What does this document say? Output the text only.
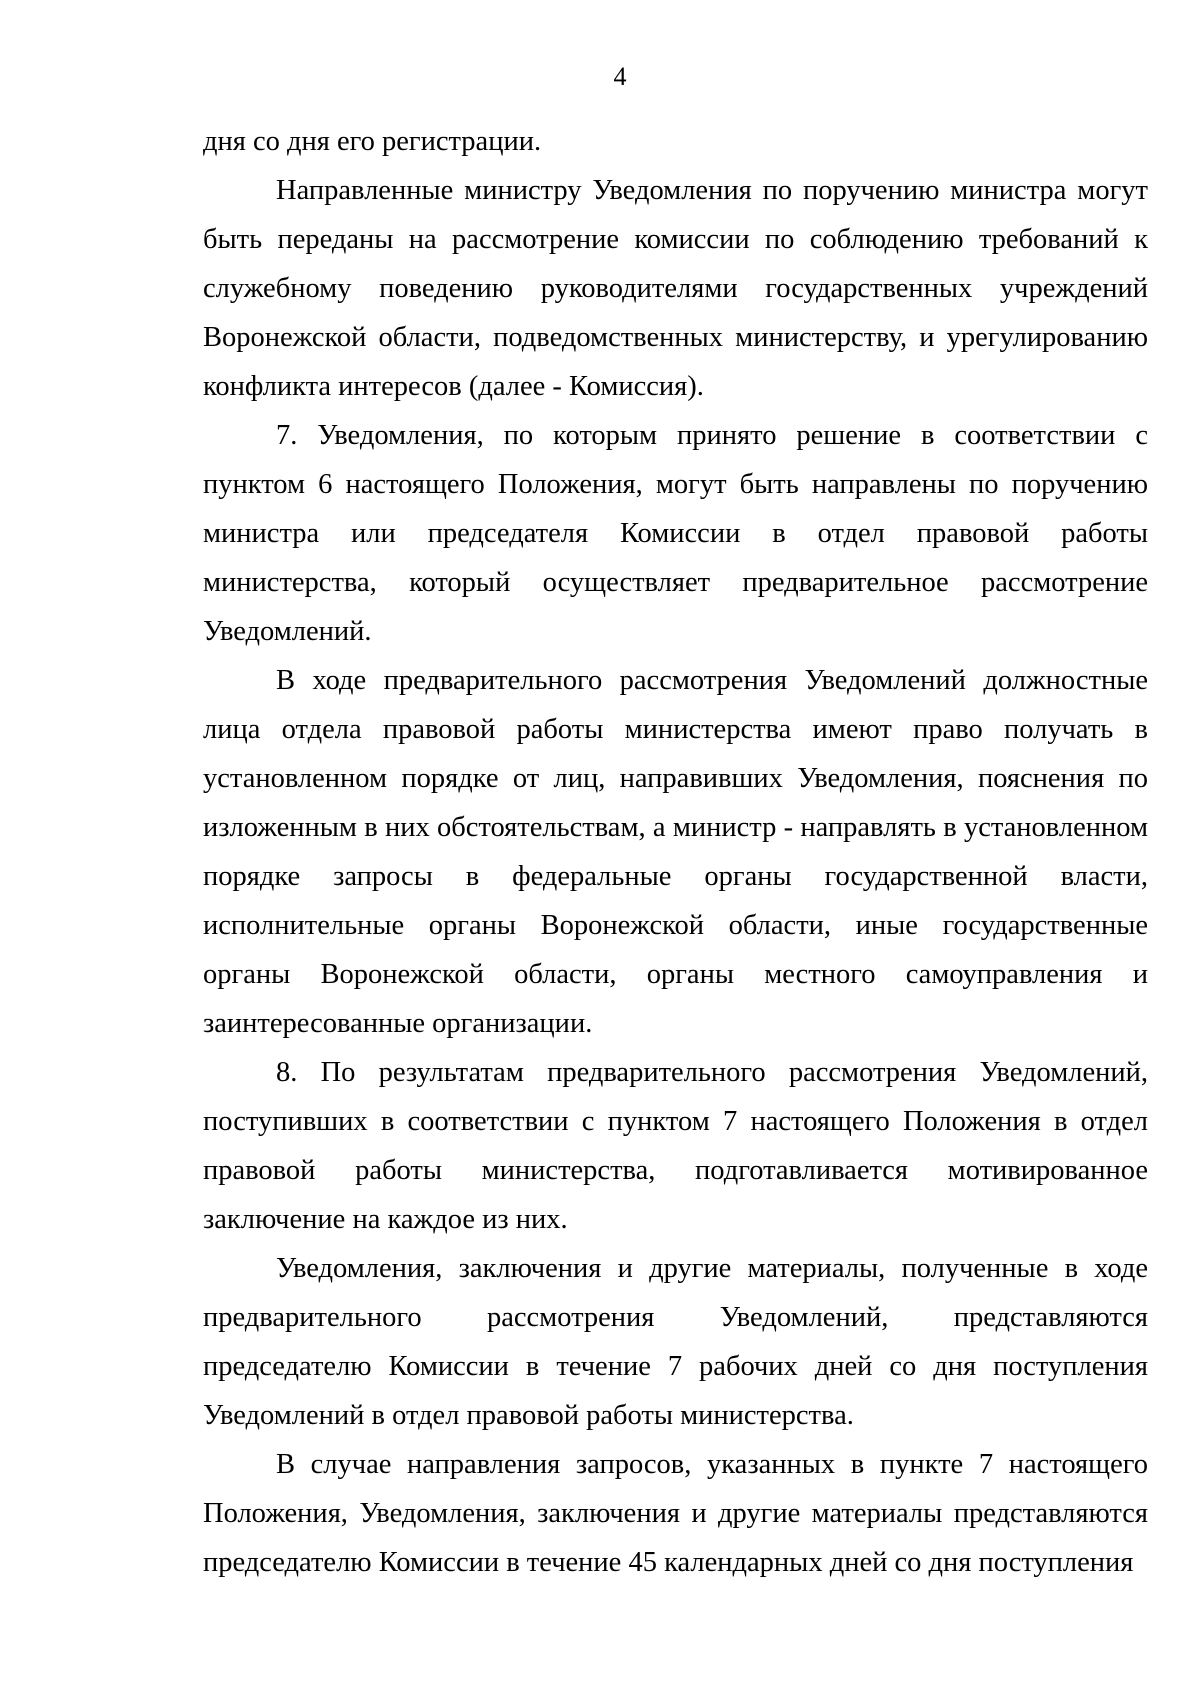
4

дня со дня его регистрации.

Направленные министру Уведомления по поручению министра могут быть переданы на рассмотрение комиссии по соблюдению требований к служебному поведению руководителями государственных учреждений Воронежской области, подведомственных министерству, и урегулированию конфликта интересов (далее - Комиссия).

7. Уведомления, по которым принято решение в соответствии с пунктом 6 настоящего Положения, могут быть направлены по поручению министра или председателя Комиссии в отдел правовой работы министерства, который осуществляет предварительное рассмотрение Уведомлений.

В ходе предварительного рассмотрения Уведомлений должностные лица отдела правовой работы министерства имеют право получать в установленном порядке от лиц, направивших Уведомления, пояснения по изложенным в них обстоятельствам, а министр - направлять в установленном порядке запросы в федеральные органы государственной власти, исполнительные органы Воронежской области, иные государственные органы Воронежской области, органы местного самоуправления и заинтересованные организации.

8. По результатам предварительного рассмотрения Уведомлений, поступивших в соответствии с пунктом 7 настоящего Положения в отдел правовой работы министерства, подготавливается мотивированное заключение на каждое из них.

Уведомления, заключения и другие материалы, полученные в ходе предварительного рассмотрения Уведомлений, представляются председателю Комиссии в течение 7 рабочих дней со дня поступления Уведомлений в отдел правовой работы министерства.

В случае направления запросов, указанных в пункте 7 настоящего Положения, Уведомления, заключения и другие материалы представляются председателю Комиссии в течение 45 календарных дней со дня поступления
